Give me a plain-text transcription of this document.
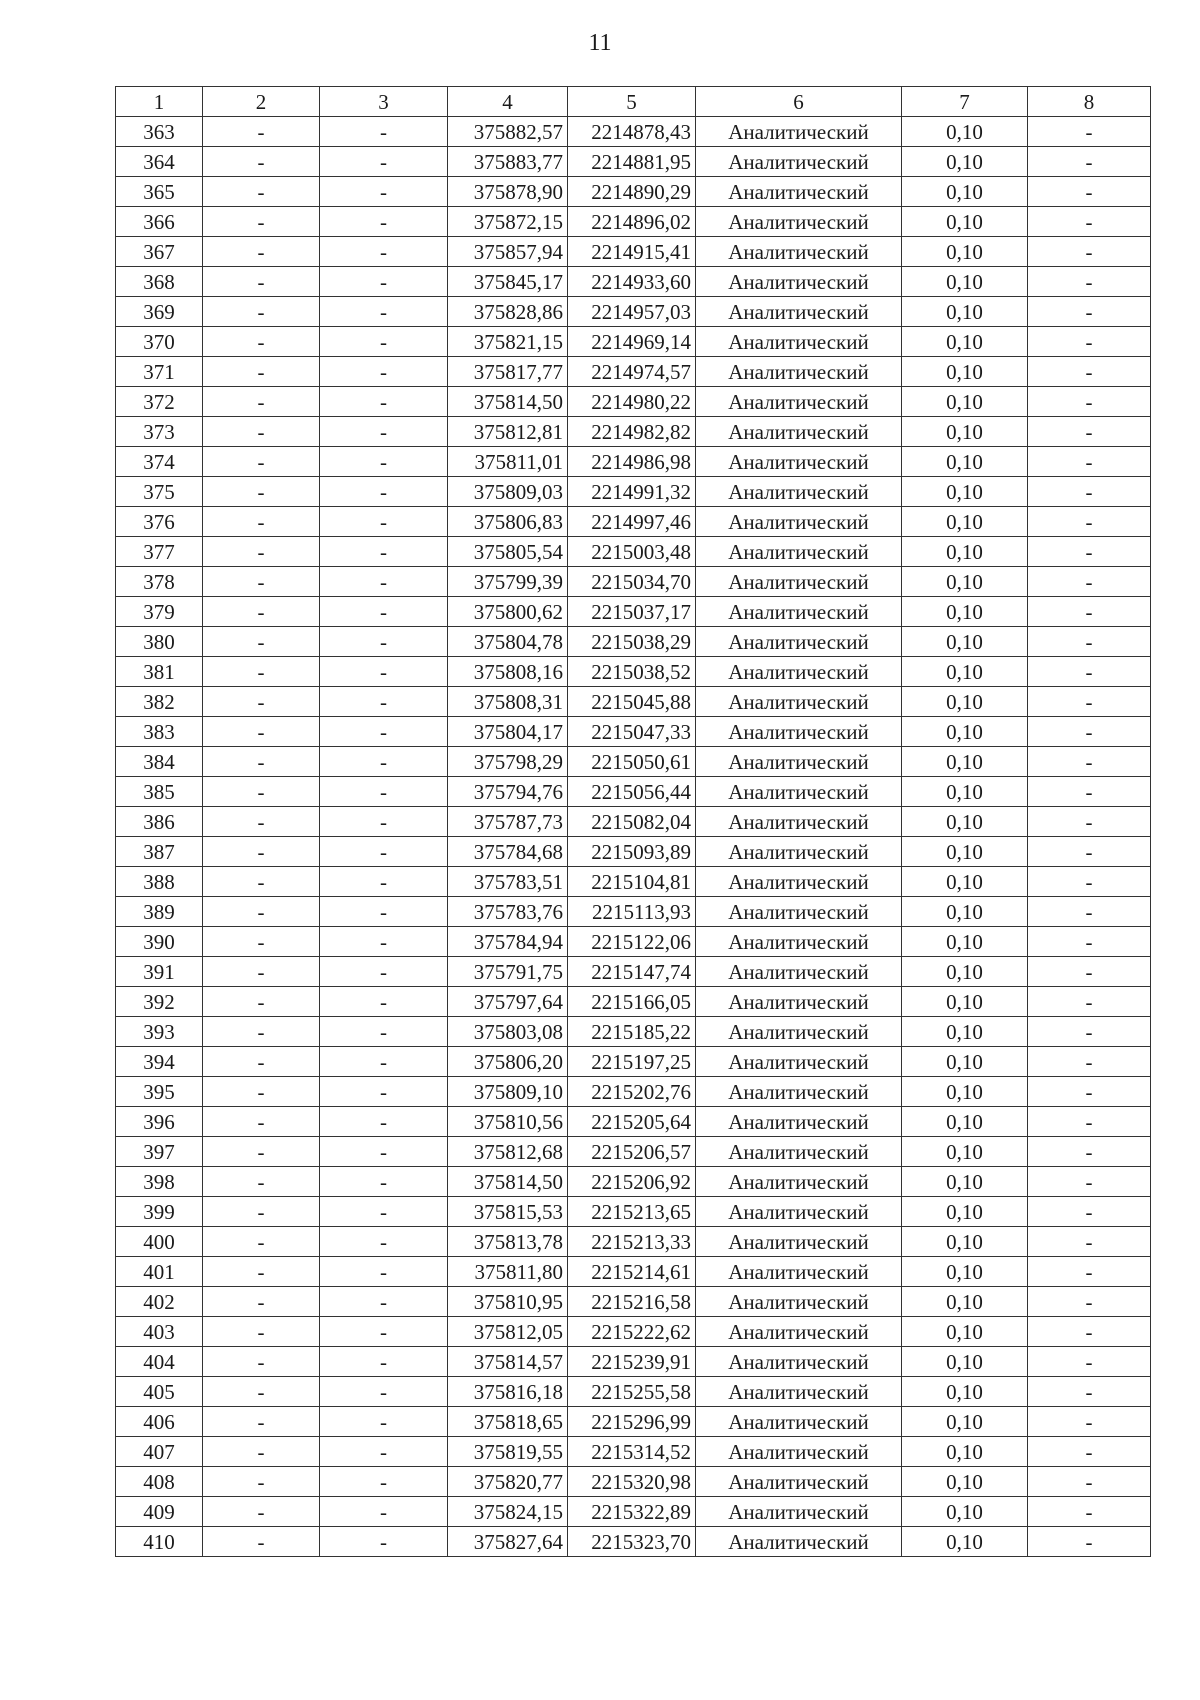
11
1	2	3	4	5	6	7	8
363	-	-	375882,57	2214878,43	Аналитический	0,10	-
364	-	-	375883,77	2214881,95	Аналитический	0,10	-
365	-	-	375878,90	2214890,29	Аналитический	0,10	-
366	-	-	375872,15	2214896,02	Аналитический	0,10	-
367	-	-	375857,94	2214915,41	Аналитический	0,10	-
368	-	-	375845,17	2214933,60	Аналитический	0,10	-
369	-	-	375828,86	2214957,03	Аналитический	0,10	-
370	-	-	375821,15	2214969,14	Аналитический	0,10	-
371	-	-	375817,77	2214974,57	Аналитический	0,10	-
372	-	-	375814,50	2214980,22	Аналитический	0,10	-
373	-	-	375812,81	2214982,82	Аналитический	0,10	-
374	-	-	375811,01	2214986,98	Аналитический	0,10	-
375	-	-	375809,03	2214991,32	Аналитический	0,10	-
376	-	-	375806,83	2214997,46	Аналитический	0,10	-
377	-	-	375805,54	2215003,48	Аналитический	0,10	-
378	-	-	375799,39	2215034,70	Аналитический	0,10	-
379	-	-	375800,62	2215037,17	Аналитический	0,10	-
380	-	-	375804,78	2215038,29	Аналитический	0,10	-
381	-	-	375808,16	2215038,52	Аналитический	0,10	-
382	-	-	375808,31	2215045,88	Аналитический	0,10	-
383	-	-	375804,17	2215047,33	Аналитический	0,10	-
384	-	-	375798,29	2215050,61	Аналитический	0,10	-
385	-	-	375794,76	2215056,44	Аналитический	0,10	-
386	-	-	375787,73	2215082,04	Аналитический	0,10	-
387	-	-	375784,68	2215093,89	Аналитический	0,10	-
388	-	-	375783,51	2215104,81	Аналитический	0,10	-
389	-	-	375783,76	2215113,93	Аналитический	0,10	-
390	-	-	375784,94	2215122,06	Аналитический	0,10	-
391	-	-	375791,75	2215147,74	Аналитический	0,10	-
392	-	-	375797,64	2215166,05	Аналитический	0,10	-
393	-	-	375803,08	2215185,22	Аналитический	0,10	-
394	-	-	375806,20	2215197,25	Аналитический	0,10	-
395	-	-	375809,10	2215202,76	Аналитический	0,10	-
396	-	-	375810,56	2215205,64	Аналитический	0,10	-
397	-	-	375812,68	2215206,57	Аналитический	0,10	-
398	-	-	375814,50	2215206,92	Аналитический	0,10	-
399	-	-	375815,53	2215213,65	Аналитический	0,10	-
400	-	-	375813,78	2215213,33	Аналитический	0,10	-
401	-	-	375811,80	2215214,61	Аналитический	0,10	-
402	-	-	375810,95	2215216,58	Аналитический	0,10	-
403	-	-	375812,05	2215222,62	Аналитический	0,10	-
404	-	-	375814,57	2215239,91	Аналитический	0,10	-
405	-	-	375816,18	2215255,58	Аналитический	0,10	-
406	-	-	375818,65	2215296,99	Аналитический	0,10	-
407	-	-	375819,55	2215314,52	Аналитический	0,10	-
408	-	-	375820,77	2215320,98	Аналитический	0,10	-
409	-	-	375824,15	2215322,89	Аналитический	0,10	-
410	-	-	375827,64	2215323,70	Аналитический	0,10	-
